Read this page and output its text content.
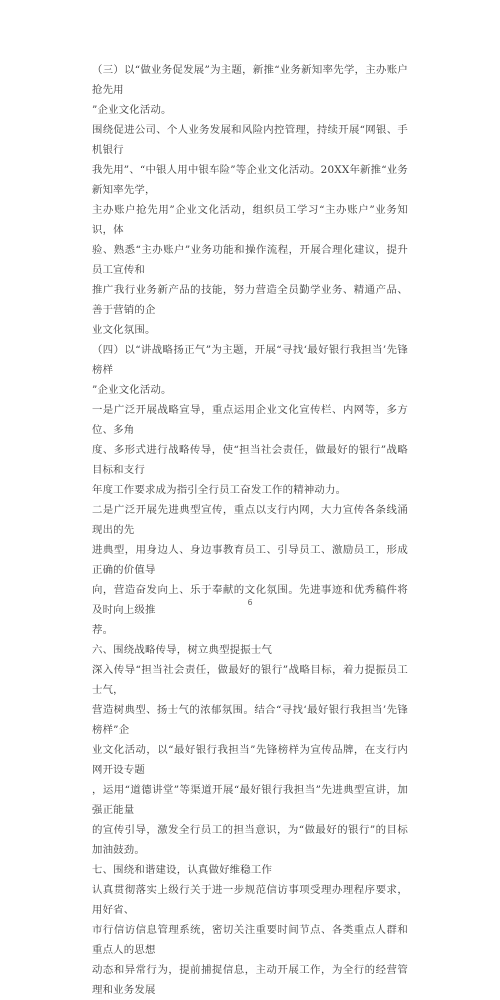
（三）以“做业务促发展”为主题，新推“业务新知率先学，主办账户抢先用

”企业文化活动。

围绕促进公司、个人业务发展和风险内控管理，持续开展“网银、手机银行

我先用”、“中银人用中银车险”等企业文化活动。20XX年新推“业务新知率先学，

主办账户抢先用”企业文化活动，组织员工学习“主办账户”业务知识，体

验、熟悉“主办账户”业务功能和操作流程，开展合理化建议，提升员工宣传和

推广我行业务新产品的技能，努力营造全员勤学业务、精通产品、善于营销的企

业文化氛围。

（四）以“讲战略扬正气”为主题，开展“寻找‘最好银行我担当’先锋榜样

”企业文化活动。

一是广泛开展战略宣导，重点运用企业文化宣传栏、内网等，多方位、多角

度、多形式进行战略传导，使“担当社会责任，做最好的银行”战略目标和支行

年度工作要求成为指引全行员工奋发工作的精神动力。

二是广泛开展先进典型宣传，重点以支行内网，大力宣传各条线涌现出的先

进典型，用身边人、身边事教育员工、引导员工、激励员工，形成正确的价值导

向，营造奋发向上、乐于奉献的文化氛围。先进事迹和优秀稿件将及时向上级推

荐。

六、围绕战略传导，树立典型提振士气

深入传导“担当社会责任，做最好的银行”战略目标，着力提振员工士气，

营造树典型、扬士气的浓郁氛围。结合“寻找‘最好银行我担当’先锋榜样”企

业文化活动，以“最好银行我担当”先锋榜样为宣传品牌，在支行内网开设专题

，运用“道德讲堂”等渠道开展“最好银行我担当”先进典型宣讲，加强正能量

的宣传引导，激发全行员工的担当意识，为“做最好的银行”的目标加油鼓劲。

七、围绕和谐建设，认真做好维稳工作

认真贯彻落实上级行关于进一步规范信访事项受理办理程序要求，用好省、

市行信访信息管理系统，密切关注重要时间节点、各类重点人群和重点人的思想

动态和异常行为，提前捕捉信息，主动开展工作，为全行的经营管理和业务发展

6
